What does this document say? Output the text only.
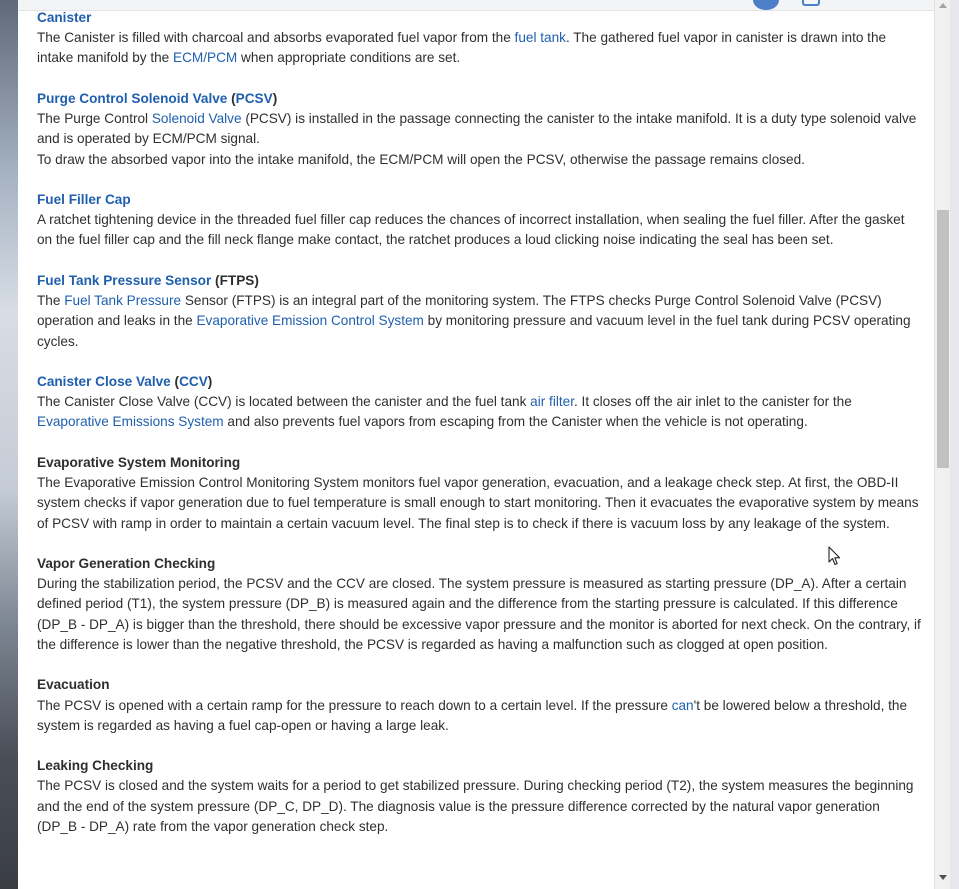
Canister

The Canister is filled with charcoal and absorbs evaporated fuel vapor from the fuel tank. The gathered fuel vapor in canister is drawn into the intake manifold by the ECM/PCM when appropriate conditions are set.

Purge Control Solenoid Valve (PCSV)

The Purge Control Solenoid Valve (PCSV) is installed in the passage connecting the canister to the intake manifold. It is a duty type solenoid valve and is operated by ECM/PCM signal.

To draw the absorbed vapor into the intake manifold, the ECM/PCM will open the PCSV, otherwise the passage remains closed.

Fuel Filler Cap

A ratchet tightening device in the threaded fuel filler cap reduces the chances of incorrect installation, when sealing the fuel filler. After the gasket on the fuel filler cap and the fill neck flange make contact, the ratchet produces a loud clicking noise indicating the seal has been set.

Fuel Tank Pressure Sensor (FTPS)

The Fuel Tank Pressure Sensor (FTPS) is an integral part of the monitoring system. The FTPS checks Purge Control Solenoid Valve (PCSV) operation and leaks in the Evaporative Emission Control System by monitoring pressure and vacuum level in the fuel tank during PCSV operating cycles.

Canister Close Valve (CCV)

The Canister Close Valve (CCV) is located between the canister and the fuel tank air filter. It closes off the air inlet to the canister for the Evaporative Emissions System and also prevents fuel vapors from escaping from the Canister when the vehicle is not operating.

Evaporative System Monitoring

The Evaporative Emission Control Monitoring System monitors fuel vapor generation, evacuation, and a leakage check step. At first, the OBD-II system checks if vapor generation due to fuel temperature is small enough to start monitoring. Then it evacuates the evaporative system by means of PCSV with ramp in order to maintain a certain vacuum level. The final step is to check if there is vacuum loss by any leakage of the system.

Vapor Generation Checking

During the stabilization period, the PCSV and the CCV are closed. The system pressure is measured as starting pressure (DP_A). After a certain defined period (T1), the system pressure (DP_B) is measured again and the difference from the starting pressure is calculated. If this difference (DP_B - DP_A) is bigger than the threshold, there should be excessive vapor pressure and the monitor is aborted for next check. On the contrary, if the difference is lower than the negative threshold, the PCSV is regarded as having a malfunction such as clogged at open position.

Evacuation

The PCSV is opened with a certain ramp for the pressure to reach down to a certain level. If the pressure can't be lowered below a threshold, the system is regarded as having a fuel cap-open or having a large leak.

Leaking Checking

The PCSV is closed and the system waits for a period to get stabilized pressure. During checking period (T2), the system measures the beginning and the end of the system pressure (DP_C, DP_D). The diagnosis value is the pressure difference corrected by the natural vapor generation (DP_B - DP_A) rate from the vapor generation check step.
